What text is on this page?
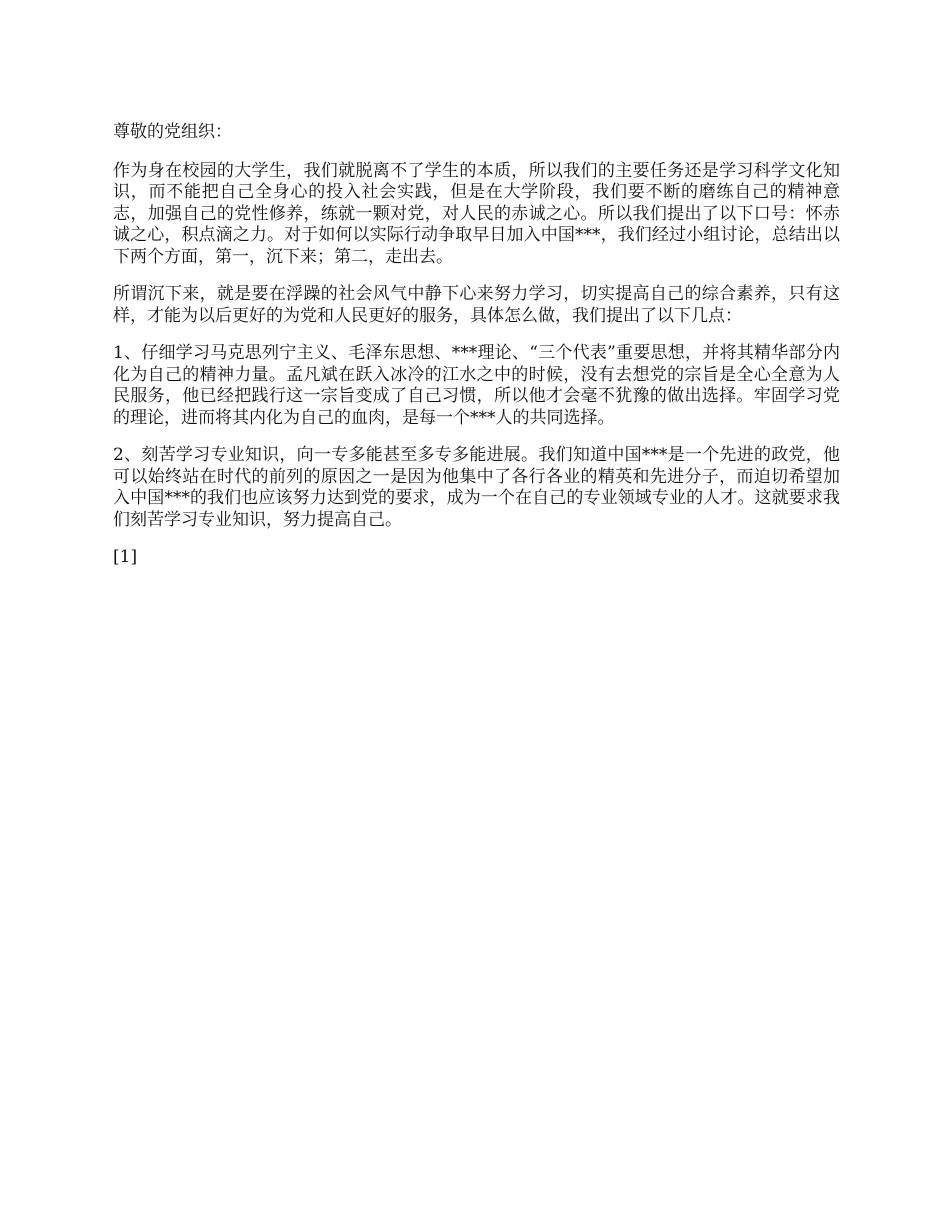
尊敬的党组织：

作为身在校园的大学生，我们就脱离不了学生的本质，所以我们的主要任务还是学习科学文化知识，而不能把自己全身心的投入社会实践，但是在大学阶段，我们要不断的磨练自己的精神意志，加强自己的党性修养，练就一颗对党，对人民的赤诚之心。所以我们提出了以下口号：怀赤诚之心，积点滴之力。对于如何以实际行动争取早日加入中国***，我们经过小组讨论，总结出以下两个方面，第一，沉下来；第二，走出去。

所谓沉下来，就是要在浮躁的社会风气中静下心来努力学习，切实提高自己的综合素养，只有这样，才能为以后更好的为党和人民更好的服务，具体怎么做，我们提出了以下几点：

1、仔细学习马克思列宁主义、毛泽东思想、***理论、“三个代表”重要思想，并将其精华部分内化为自己的精神力量。孟凡斌在跃入冰冷的江水之中的时候，没有去想党的宗旨是全心全意为人民服务，他已经把践行这一宗旨变成了自己习惯，所以他才会毫不犹豫的做出选择。牢固学习党的理论，进而将其内化为自己的血肉，是每一个***人的共同选择。

2、刻苦学习专业知识，向一专多能甚至多专多能进展。我们知道中国***是一个先进的政党，他可以始终站在时代的前列的原因之一是因为他集中了各行各业的精英和先进分子，而迫切希望加入中国***的我们也应该努力达到党的要求，成为一个在自己的专业领域专业的人才。这就要求我们刻苦学习专业知识，努力提高自己。

[1]
